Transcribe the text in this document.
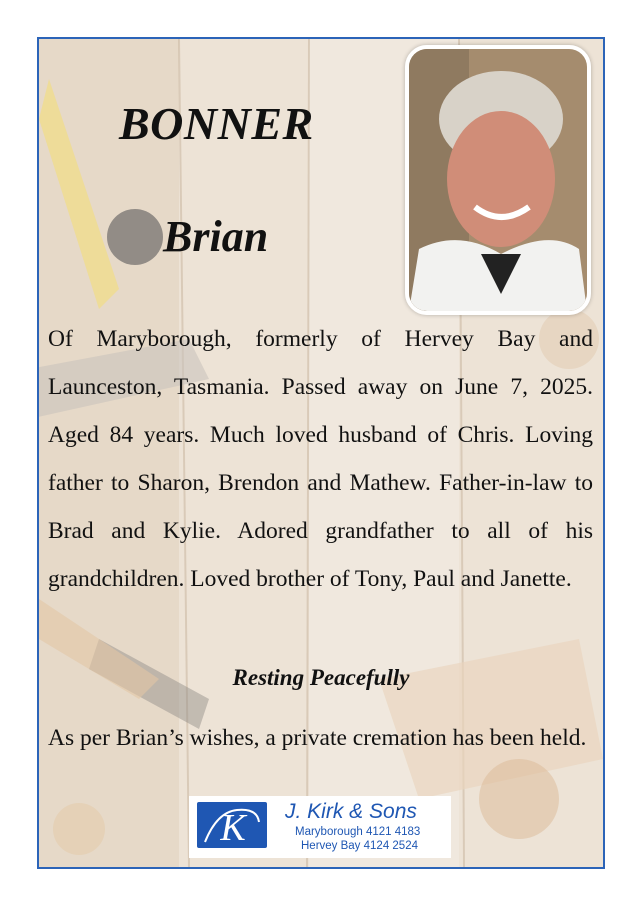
BONNER
Brian

Of Maryborough, formerly of Hervey Bay and Launceston, Tasmania. Passed away on June 7, 2025. Aged 84 years. Much loved husband of Chris. Loving father to Sharon, Brendon and Mathew. Father-in-law to Brad and Kylie. Adored grandfather to all of his grandchildren. Loved brother of Tony, Paul and Janette.

Resting Peacefully

As per Brian’s wishes, a private cremation has been held.

K J. Kirk & Sons
Maryborough 4121 4183
Hervey Bay 4124 2524
